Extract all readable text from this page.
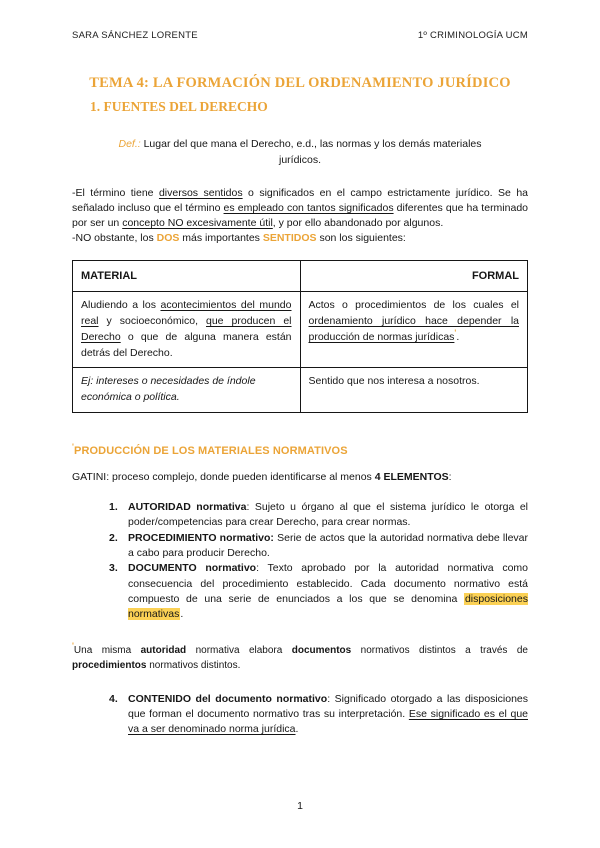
SARA SÁNCHEZ LORENTE	1º CRIMINOLOGÍA UCM
TEMA 4: LA FORMACIÓN DEL ORDENAMIENTO JURÍDICO
1. FUENTES DEL DERECHO

Def.: Lugar del que mana el Derecho, e.d., las normas y los demás materiales jurídicos.

-El término tiene diversos sentidos o significados en el campo estrictamente jurídico. Se ha señalado incluso que el término es empleado con tantos significados diferentes que ha terminado por ser un concepto NO excesivamente útil, y por ello abandonado por algunos.

-NO obstante, los DOS más importantes SENTIDOS son los siguientes:

MATERIAL	FORMAL
Aludiendo a los acontecimientos del mundo real y socioeconómico, que producen el Derecho o que de alguna manera están detrás del Derecho.	Actos o procedimientos de los cuales el ordenamiento jurídico hace depender la producción de normas jurídicas'.
Ej: intereses o necesidades de índole económica o política.	Sentido que nos interesa a nosotros.
'PRODUCCIÓN DE LOS MATERIALES NORMATIVOS

GATINI: proceso complejo, donde pueden identificarse al menos 4 ELEMENTOS:

1. AUTORIDAD normativa: Sujeto u órgano al que el sistema jurídico le otorga el poder/competencias para crear Derecho, para crear normas.
2. PROCEDIMIENTO normativo: Serie de actos que la autoridad normativa debe llevar a cabo para producir Derecho.
3. DOCUMENTO normativo: Texto aprobado por la autoridad normativa como consecuencia del procedimiento establecido. Cada documento normativo está compuesto de una serie de enunciados a los que se denomina disposiciones normativas.

'Una misma autoridad normativa elabora documentos normativos distintos a través de procedimientos normativos distintos.

4. CONTENIDO del documento normativo: Significado otorgado a las disposiciones que forman el documento normativo tras su interpretación. Ese significado es el que va a ser denominado norma jurídica.
1
